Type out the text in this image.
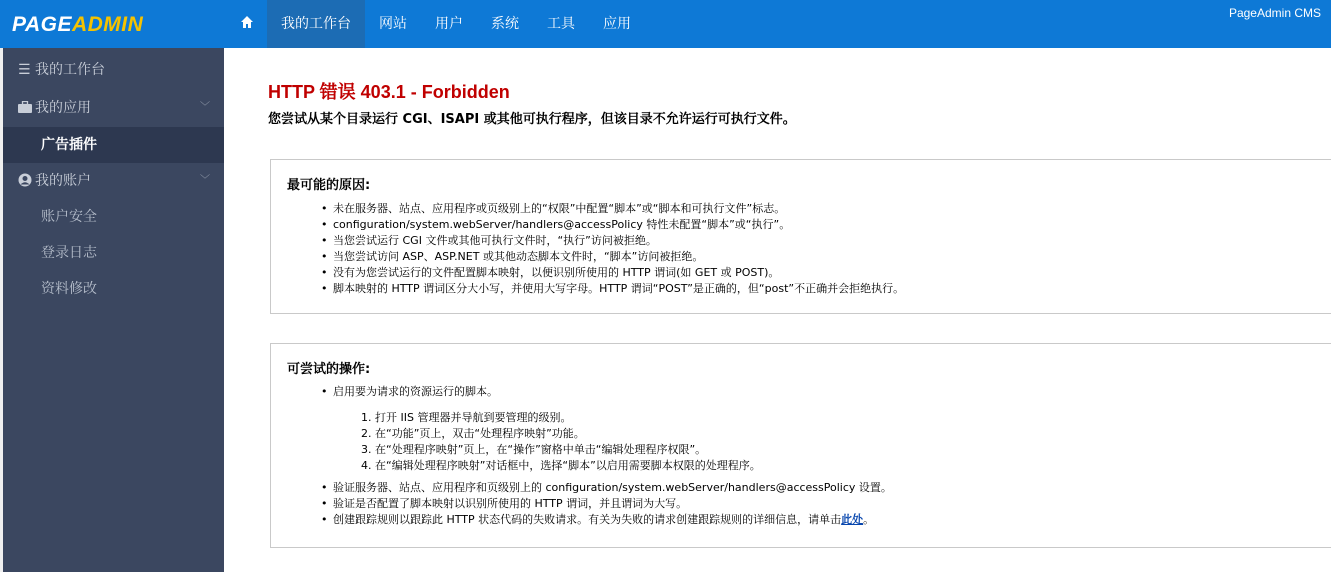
PAGEADMIN	我的工作台	网站	用户	系统	工具	应用
PageAdmin CMS
☰ 我的工作台
我的应用	﹀
广告插件
我的账户	﹀
账户安全
登录日志
资料修改
HTTP 错误 403.1 - Forbidden
您尝试从某个目录运行 CGI、ISAPI 或其他可执行程序，但该目录不允许运行可执行文件。
最可能的原因:
• 未在服务器、站点、应用程序或页级别上的“权限”中配置“脚本”或“脚本和可执行文件”标志。
• configuration/system.webServer/handlers@accessPolicy 特性未配置“脚本”或“执行”。
• 当您尝试运行 CGI 文件或其他可执行文件时，“执行”访问被拒绝。
• 当您尝试访问 ASP、ASP.NET 或其他动态脚本文件时，“脚本”访问被拒绝。
• 没有为您尝试运行的文件配置脚本映射，以便识别所使用的 HTTP 谓词(如 GET 或 POST)。
• 脚本映射的 HTTP 谓词区分大小写，并使用大写字母。HTTP 谓词“POST”是正确的，但“post”不正确并会拒绝执行。
可尝试的操作:
• 启用要为请求的资源运行的脚本。
1. 打开 IIS 管理器并导航到要管理的级别。
2. 在“功能”页上，双击“处理程序映射”功能。
3. 在“处理程序映射”页上，在“操作”窗格中单击“编辑处理程序权限”。
4. 在“编辑处理程序映射”对话框中，选择“脚本”以启用需要脚本权限的处理程序。
• 验证服务器、站点、应用程序和页级别上的 configuration/system.webServer/handlers@accessPolicy 设置。
• 验证是否配置了脚本映射以识别所使用的 HTTP 谓词，并且谓词为大写。
• 创建跟踪规则以跟踪此 HTTP 状态代码的失败请求。有关为失败的请求创建跟踪规则的详细信息，请单击此处。
